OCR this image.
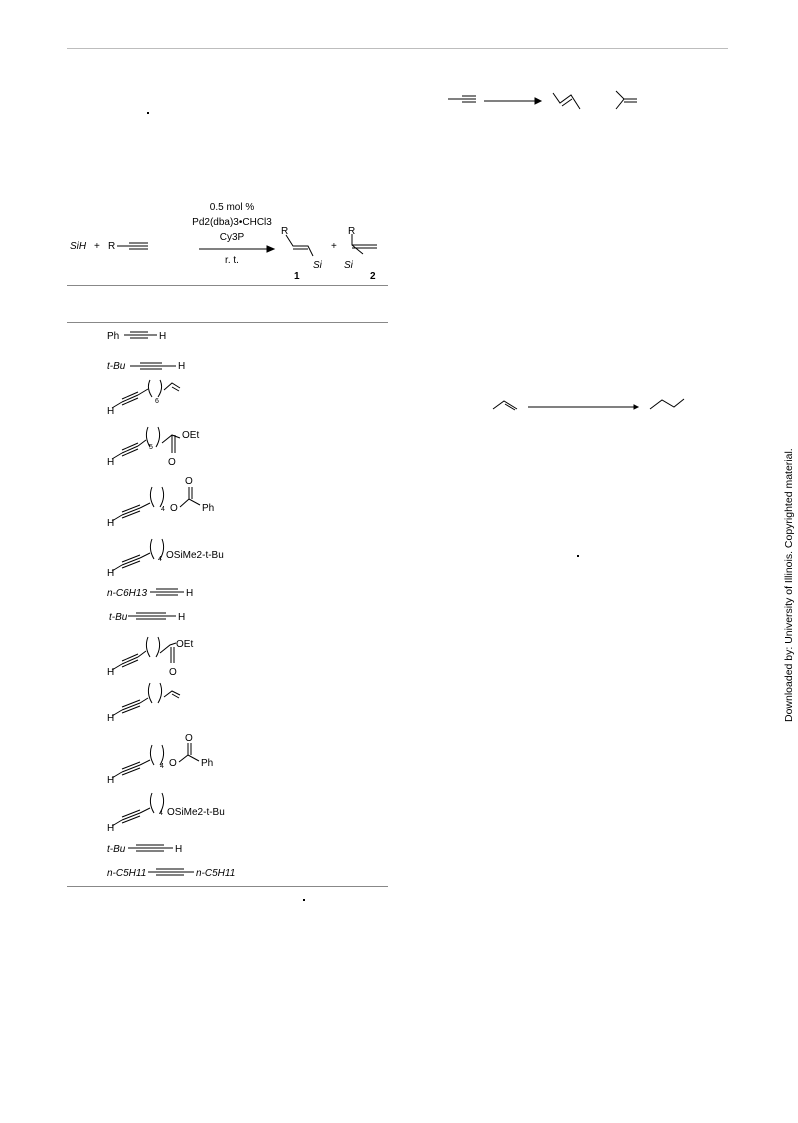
0.5 mol %
Pd2(dba)3•CHCl3
Cy3P
r. t.
SiH + R
R
Si
+
R
Si
1	2
Ph	H
t-Bu	H
H
6
H
5
OEt
O
H
4 O
O
Ph
H
4 OSiMe2-t-Bu
n-C6H13	H
t-Bu	H
H
OEt
O
H
H
4 O
O
Ph
H
4 OSiMe2-t-Bu
t-Bu	H
n-C5H11	n-C5H11
Downloaded by: University of Illinois. Copyrighted material.
